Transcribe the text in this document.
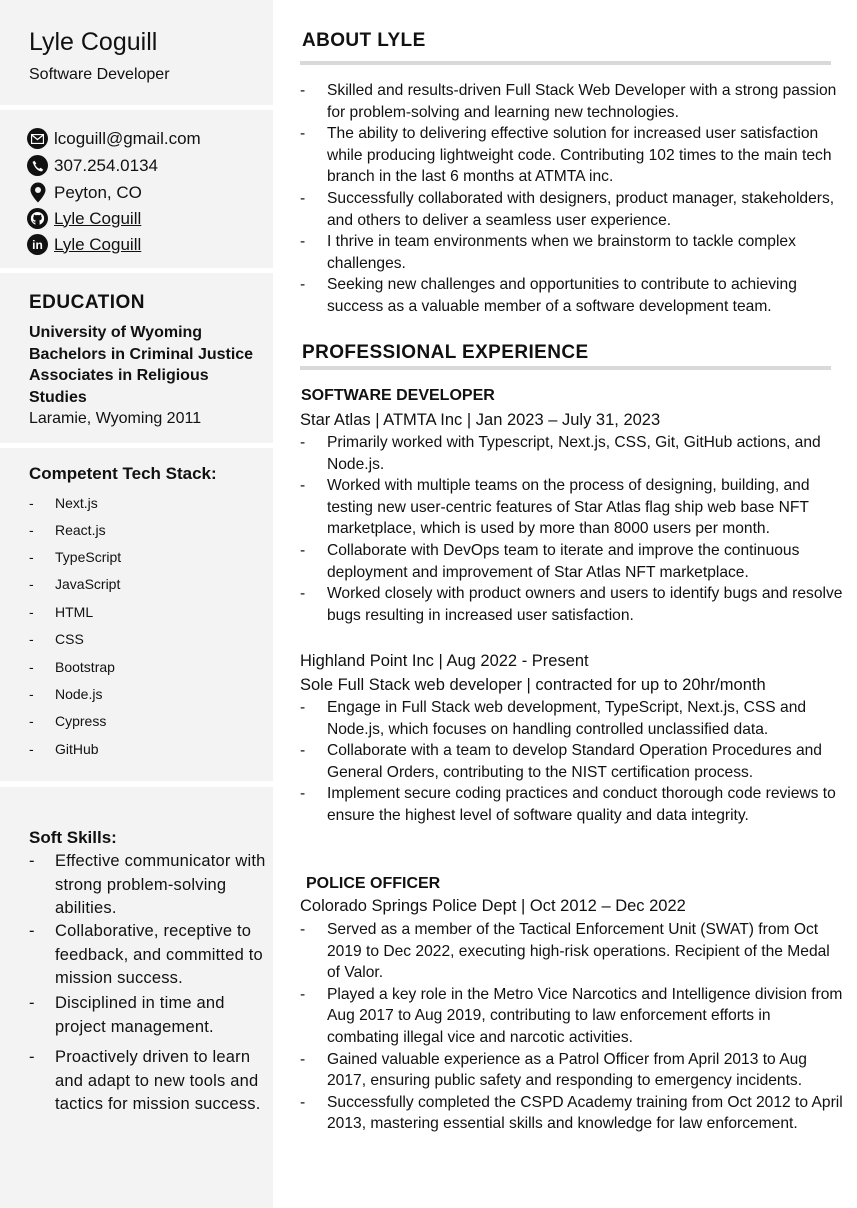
Lyle Coguill
Software Developer
lcoguill@gmail.com
307.254.0134
Peyton, CO
Lyle Coguill
in Lyle Coguill
EDUCATION
University of Wyoming
Bachelors in Criminal Justice
Associates in Religious
Studies
Laramie, Wyoming 2011
Competent Tech Stack:
- Next.js
- React.js
- TypeScript
- JavaScript
- HTML
- CSS
- Bootstrap
- Node.js
- Cypress
- GitHub
Soft Skills:
- Effective communicator with strong problem-solving abilities.
- Collaborative, receptive to feedback, and committed to mission success.
- Disciplined in time and project management.
- Proactively driven to learn and adapt to new tools and tactics for mission success.
ABOUT LYLE
- Skilled and results-driven Full Stack Web Developer with a strong passion for problem-solving and learning new technologies.
- The ability to delivering effective solution for increased user satisfaction while producing lightweight code. Contributing 102 times to the main tech branch in the last 6 months at ATMTA inc.
- Successfully collaborated with designers, product manager, stakeholders, and others to deliver a seamless user experience.
- I thrive in team environments when we brainstorm to tackle complex challenges.
- Seeking new challenges and opportunities to contribute to achieving success as a valuable member of a software development team.
PROFESSIONAL EXPERIENCE
SOFTWARE DEVELOPER
Star Atlas | ATMTA Inc | Jan 2023 – July 31, 2023
- Primarily worked with Typescript, Next.js, CSS, Git, GitHub actions, and Node.js.
- Worked with multiple teams on the process of designing, building, and testing new user-centric features of Star Atlas flag ship web base NFT marketplace, which is used by more than 8000 users per month.
- Collaborate with DevOps team to iterate and improve the continuous deployment and improvement of Star Atlas NFT marketplace.
- Worked closely with product owners and users to identify bugs and resolve bugs resulting in increased user satisfaction.
Highland Point Inc | Aug 2022 - Present
Sole Full Stack web developer | contracted for up to 20hr/month
- Engage in Full Stack web development, TypeScript, Next.js, CSS and Node.js, which focuses on handling controlled unclassified data.
- Collaborate with a team to develop Standard Operation Procedures and General Orders, contributing to the NIST certification process.
- Implement secure coding practices and conduct thorough code reviews to ensure the highest level of software quality and data integrity.
POLICE OFFICER
Colorado Springs Police Dept | Oct 2012 – Dec 2022
- Served as a member of the Tactical Enforcement Unit (SWAT) from Oct 2019 to Dec 2022, executing high-risk operations. Recipient of the Medal of Valor.
- Played a key role in the Metro Vice Narcotics and Intelligence division from Aug 2017 to Aug 2019, contributing to law enforcement efforts in combating illegal vice and narcotic activities.
- Gained valuable experience as a Patrol Officer from April 2013 to Aug 2017, ensuring public safety and responding to emergency incidents.
- Successfully completed the CSPD Academy training from Oct 2012 to April 2013, mastering essential skills and knowledge for law enforcement.
